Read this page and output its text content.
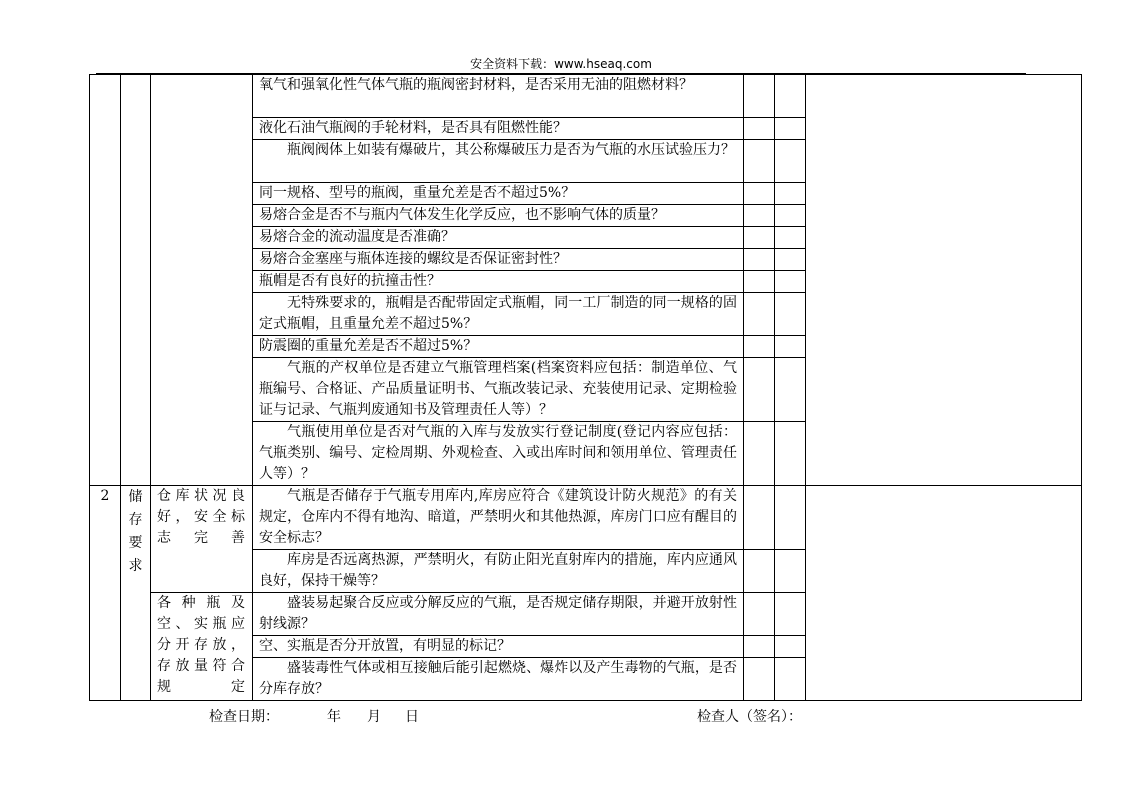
安全资料下载：www.hseaq.com
			氧气和强氧化性气体气瓶的瓶阀密封材料，是否采用无油的阻燃材料？			
			液化石油气瓶阀的手轮材料，是否具有阻燃性能？			

			瓶阀阀体上如装有爆破片，其公称爆破压力是否为气瓶的水压试验压力？			

			同一规格、型号的瓶阀，重量允差是否不超过5%？			
			易熔合金是否不与瓶内气体发生化学反应，也不影响气体的质量？			
			易熔合金的流动温度是否准确？			
			易熔合金塞座与瓶体连接的螺纹是否保证密封性？			
			瓶帽是否有良好的抗撞击性？			

			无特殊要求的，瓶帽是否配带固定式瓶帽，同一工厂制造的同一规格的固定式瓶帽，且重量允差不超过5%？			

			防震圈的重量允差是否不超过5%？			

			气瓶的产权单位是否建立气瓶管理档案(档案资料应包括：制造单位、气瓶编号、合格证、产品质量证明书、气瓶改装记录、充装使用记录、定期检验证与记录、气瓶判废通知书及管理责任人等）？			

			气瓶使用单位是否对气瓶的入库与发放实行登记制度(登记内容应包括：气瓶类别、编号、定检周期、外观检查、入或出库时间和领用单位、管理责任人等）？			

2	储存要求	仓库状况良好，安全标志完善	气瓶是否储存于气瓶专用库内,库房应符合《建筑设计防火规范》的有关规定，仓库内不得有地沟、暗道，严禁明火和其他热源，库房门口应有醒目的安全标志？			

			库房是否远离热源，严禁明火，有防止阳光直射库内的措施，库内应通风良好，保持干燥等？			

		各种瓶及空、实瓶应分开存放，存放量符合规定	盛装易起聚合反应或分解反应的气瓶，是否规定储存期限，并避开放射性射线源？			

			空、实瓶是否分开放置，有明显的标记？			

			盛装毒性气体或相互接触后能引起燃烧、爆炸以及产生毒物的气瓶，是否分库存放？			

检查日期：	年 月 日	检查人（签名）：
